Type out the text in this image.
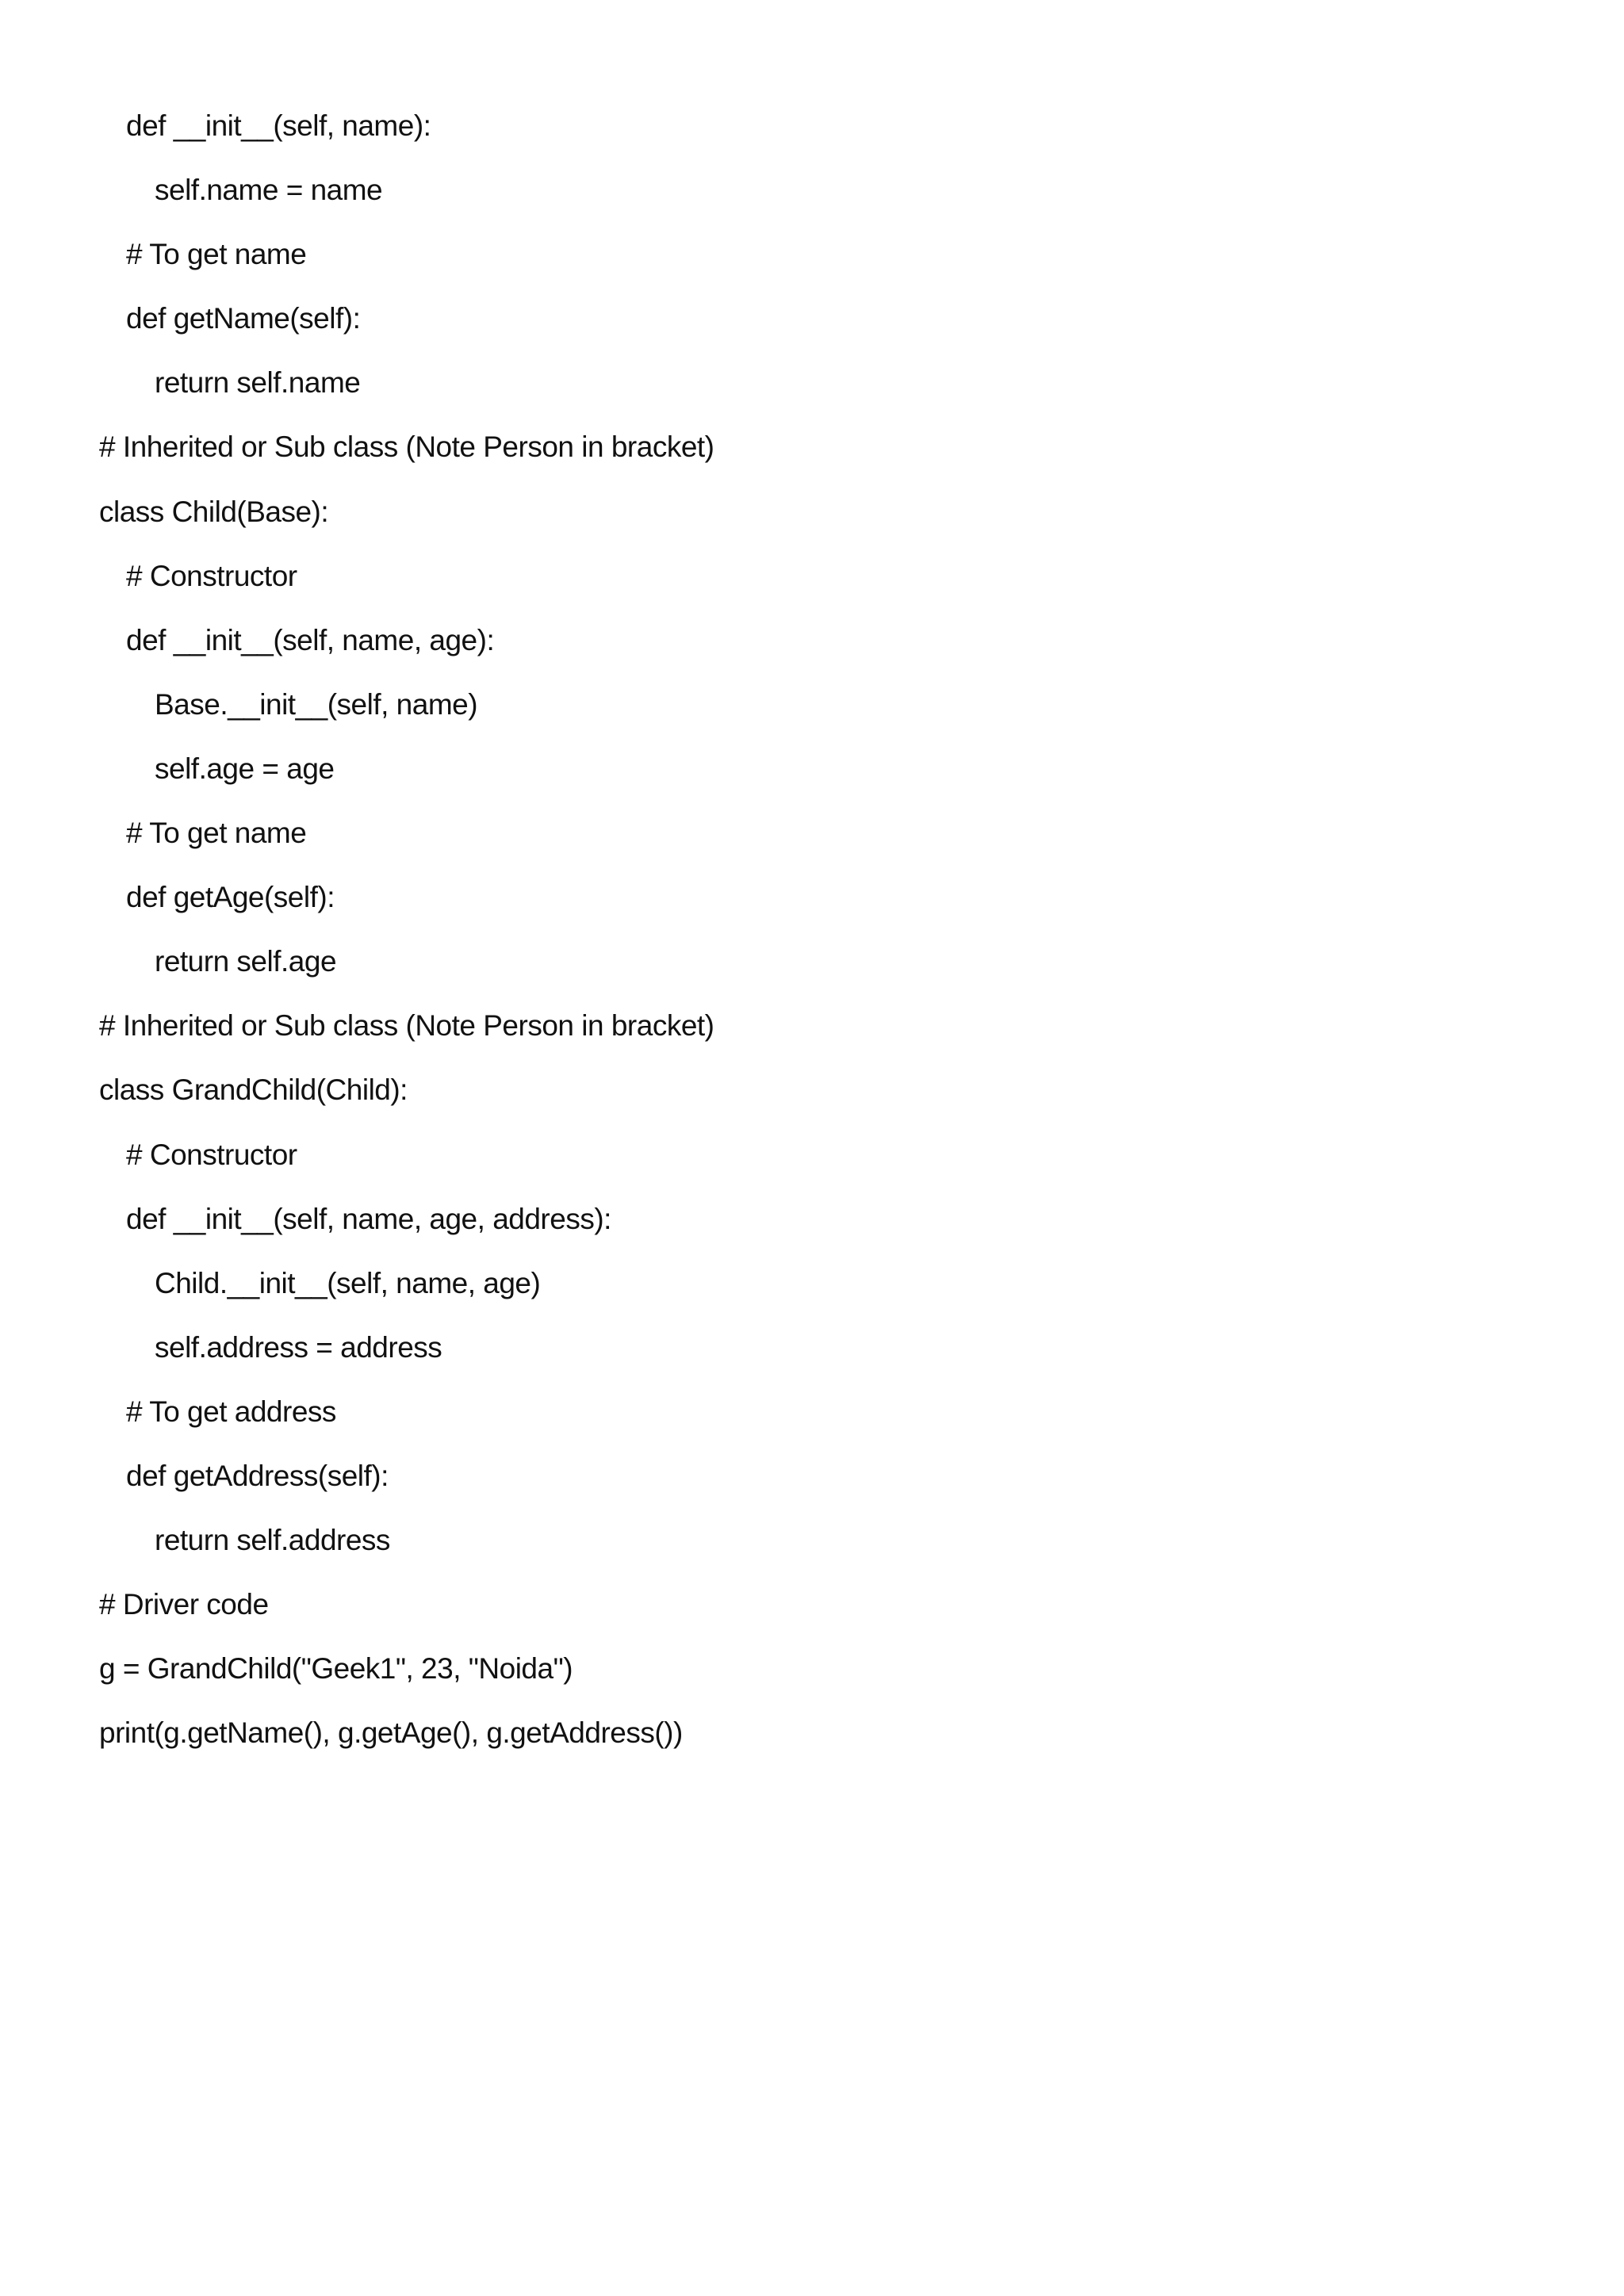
def __init__(self, name):
self.name = name
# To get name
def getName(self):
return self.name
# Inherited or Sub class (Note Person in bracket)
class Child(Base):
# Constructor
def __init__(self, name, age):
Base.__init__(self, name)
self.age = age
# To get name
def getAge(self):
return self.age
# Inherited or Sub class (Note Person in bracket)
class GrandChild(Child):
# Constructor
def __init__(self, name, age, address):
Child.__init__(self, name, age)
self.address = address
# To get address
def getAddress(self):
return self.address
# Driver code
g = GrandChild("Geek1", 23, "Noida")
print(g.getName(), g.getAge(), g.getAddress())
